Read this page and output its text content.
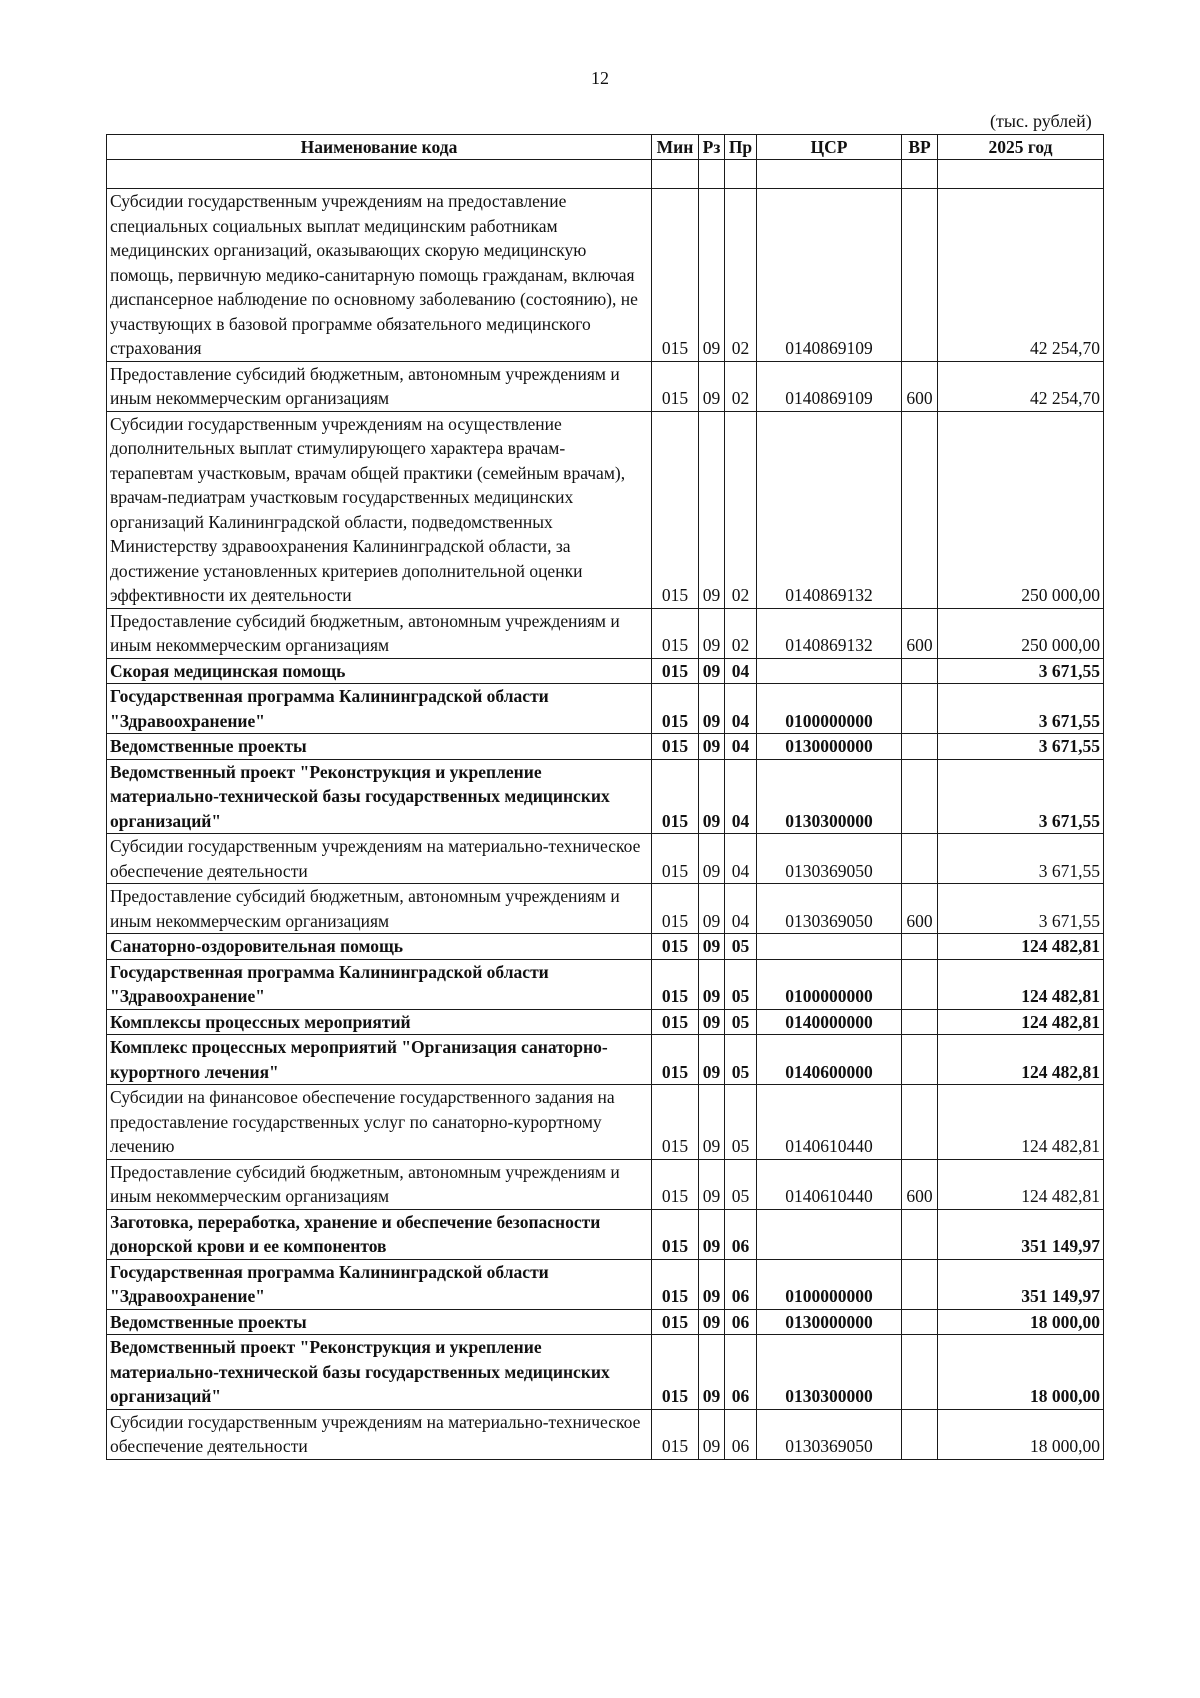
12
(тыс. рублей)
Наименование кода	Мин	Рз	Пр	ЦСР	ВР	2025 год

Субсидии государственным учреждениям на предоставление специальных социальных выплат медицинским работникам медицинских организаций, оказывающих скорую медицинскую помощь, первичную медико-санитарную помощь гражданам, включая диспансерное наблюдение по основному заболеванию (состоянию), не участвующих в базовой программе обязательного медицинского страхования	015	09	02	0140869109		42 254,70
Предоставление субсидий бюджетным, автономным учреждениям и иным некоммерческим организациям	015	09	02	0140869109	600	42 254,70
Субсидии государственным учреждениям на осуществление дополнительных выплат стимулирующего характера врачам-терапевтам участковым, врачам общей практики (семейным врачам), врачам-педиатрам участковым государственных медицинских организаций Калининградской области, подведомственных Министерству здравоохранения Калининградской области, за достижение установленных критериев дополнительной оценки эффективности их деятельности	015	09	02	0140869132		250 000,00
Предоставление субсидий бюджетным, автономным учреждениям и иным некоммерческим организациям	015	09	02	0140869132	600	250 000,00
Скорая медицинская помощь	015	09	04			3 671,55
Государственная программа Калининградской области "Здравоохранение"	015	09	04	0100000000		3 671,55
Ведомственные проекты	015	09	04	0130000000		3 671,55
Ведомственный проект "Реконструкция и укрепление материально-технической базы государственных медицинских организаций"	015	09	04	0130300000		3 671,55
Субсидии государственным учреждениям на материально-техническое обеспечение деятельности	015	09	04	0130369050		3 671,55
Предоставление субсидий бюджетным, автономным учреждениям и иным некоммерческим организациям	015	09	04	0130369050	600	3 671,55
Санаторно-оздоровительная помощь	015	09	05			124 482,81
Государственная программа Калининградской области "Здравоохранение"	015	09	05	0100000000		124 482,81
Комплексы процессных мероприятий	015	09	05	0140000000		124 482,81
Комплекс процессных мероприятий "Организация санаторно-курортного лечения"	015	09	05	0140600000		124 482,81
Субсидии на финансовое обеспечение государственного задания на предоставление государственных услуг по санаторно-курортному лечению	015	09	05	0140610440		124 482,81
Предоставление субсидий бюджетным, автономным учреждениям и иным некоммерческим организациям	015	09	05	0140610440	600	124 482,81
Заготовка, переработка, хранение и обеспечение безопасности донорской крови и ее компонентов	015	09	06			351 149,97
Государственная программа Калининградской области "Здравоохранение"	015	09	06	0100000000		351 149,97
Ведомственные проекты	015	09	06	0130000000		18 000,00
Ведомственный проект "Реконструкция и укрепление материально-технической базы государственных медицинских организаций"	015	09	06	0130300000		18 000,00
Субсидии государственным учреждениям на материально-техническое обеспечение деятельности	015	09	06	0130369050		18 000,00
